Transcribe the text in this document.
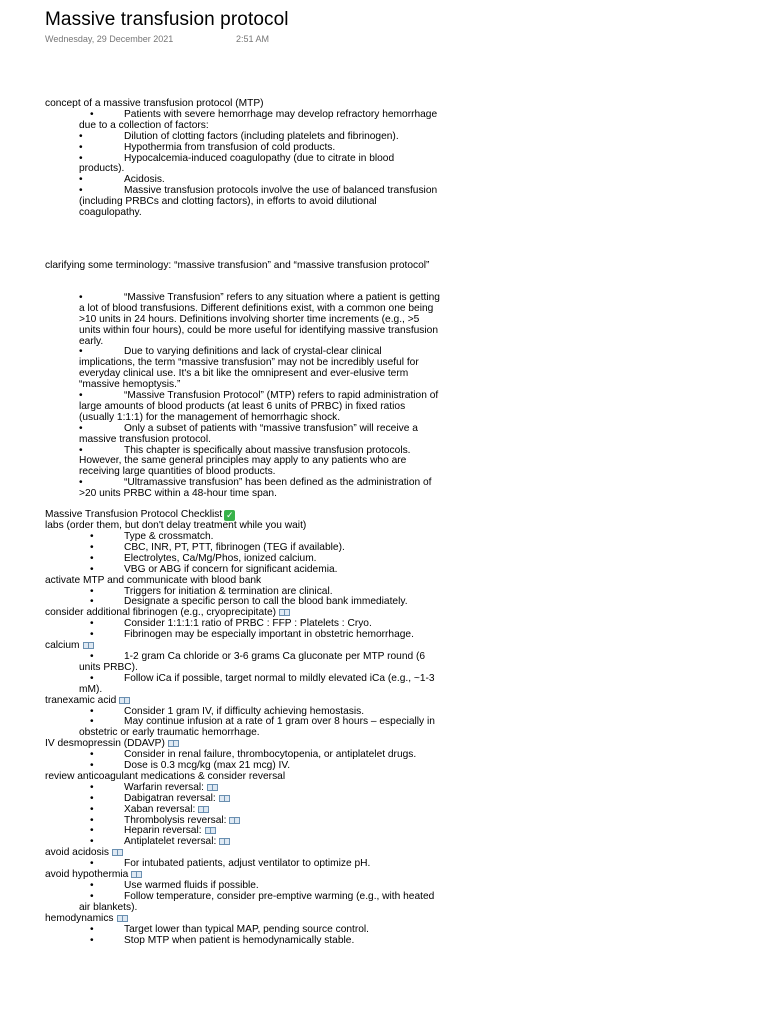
Massive transfusion protocol
Wednesday, 29 December 2021	2:51 AM

concept of a massive transfusion protocol (MTP)

• Patients with severe hemorrhage may develop refractory hemorrhage due to a collection of factors:

• Dilution of clotting factors (including platelets and fibrinogen).

• Hypothermia from transfusion of cold products.

• Hypocalcemia-induced coagulopathy (due to citrate in blood products).

• Acidosis.

• Massive transfusion protocols involve the use of balanced transfusion (including PRBCs and clotting factors), in efforts to avoid dilutional coagulopathy.

clarifying some terminology: “massive transfusion” and “massive transfusion protocol”

• “Massive Transfusion” refers to any situation where a patient is getting a lot of blood transfusions. Different definitions exist, with a common one being >10 units in 24 hours. Definitions involving shorter time increments (e.g., >5 units within four hours), could be more useful for identifying massive transfusion early.

• Due to varying definitions and lack of crystal-clear clinical implications, the term “massive transfusion” may not be incredibly useful for everyday clinical use. It's a bit like the omnipresent and ever-elusive term “massive hemoptysis.”

• “Massive Transfusion Protocol” (MTP) refers to rapid administration of large amounts of blood products (at least 6 units of PRBC) in fixed ratios (usually 1:1:1) for the management of hemorrhagic shock.

• Only a subset of patients with “massive transfusion” will receive a massive transfusion protocol.

• This chapter is specifically about massive transfusion protocols. However, the same general principles may apply to any patients who are receiving large quantities of blood products.

• “Ultramassive transfusion” has been defined as the administration of >20 units PRBC within a 48-hour time span.

Massive Transfusion Protocol Checklist ✓

labs (order them, but don't delay treatment while you wait)

• Type & crossmatch.

• CBC, INR, PT, PTT, fibrinogen (TEG if available).

• Electrolytes, Ca/Mg/Phos, ionized calcium.

• VBG or ABG if concern for significant acidemia.

activate MTP and communicate with blood bank

• Triggers for initiation & termination are clinical.

• Designate a specific person to call the blood bank immediately.

consider additional fibrinogen (e.g., cryoprecipitate)

• Consider 1:1:1:1 ratio of PRBC : FFP : Platelets : Cryo.

• Fibrinogen may be especially important in obstetric hemorrhage.

calcium

• 1-2 gram Ca chloride or 3-6 grams Ca gluconate per MTP round (6 units PRBC).

• Follow iCa if possible, target normal to mildly elevated iCa (e.g., ~1-3 mM).

tranexamic acid

• Consider 1 gram IV, if difficulty achieving hemostasis.

• May continue infusion at a rate of 1 gram over 8 hours – especially in obstetric or early traumatic hemorrhage.

IV desmopressin (DDAVP)

• Consider in renal failure, thrombocytopenia, or antiplatelet drugs.

• Dose is 0.3 mcg/kg (max 21 mcg) IV.

review anticoagulant medications & consider reversal

• Warfarin reversal:

• Dabigatran reversal:

• Xaban reversal:

• Thrombolysis reversal:

• Heparin reversal:

• Antiplatelet reversal:

avoid acidosis

• For intubated patients, adjust ventilator to optimize pH.

avoid hypothermia

• Use warmed fluids if possible.

• Follow temperature, consider pre-emptive warming (e.g., with heated air blankets).

hemodynamics

• Target lower than typical MAP, pending source control.

• Stop MTP when patient is hemodynamically stable.
